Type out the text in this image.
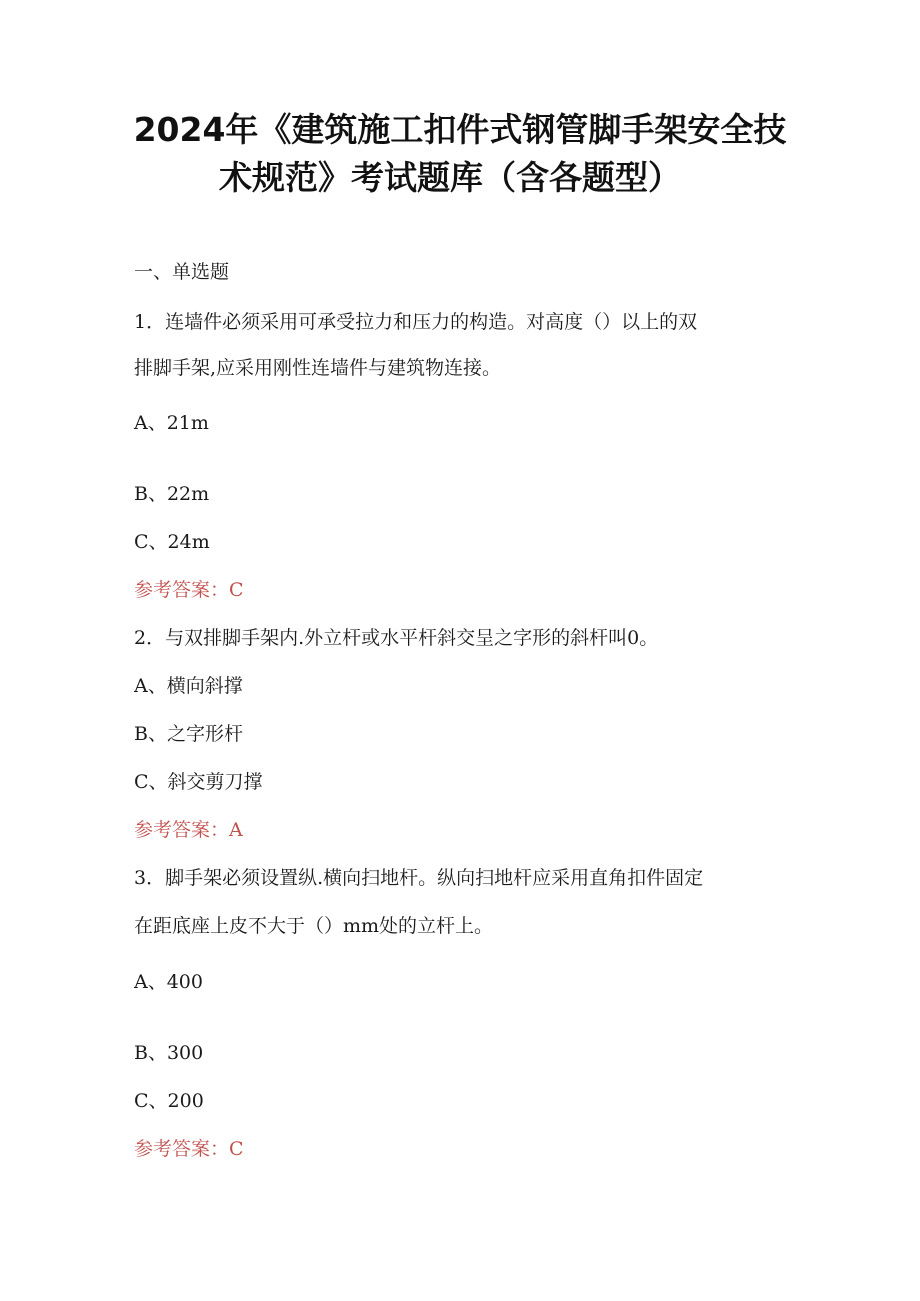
2024年《建筑施工扣件式钢管脚手架安全技
术规范》考试题库（含各题型）

一、单选题

1．连墙件必须采用可承受拉力和压力的构造。对高度（）以上的双

排脚手架,应采用刚性连墙件与建筑物连接。

A、21m

B、22m

C、24m

参考答案：C

2．与双排脚手架内.外立杆或水平杆斜交呈之字形的斜杆叫0。

A、横向斜撑

B、之字形杆

C、斜交剪刀撑

参考答案：A

3．脚手架必须设置纵.横向扫地杆。纵向扫地杆应采用直角扣件固定

在距底座上皮不大于（）mm处的立杆上。

A、400

B、300

C、200

参考答案：C
